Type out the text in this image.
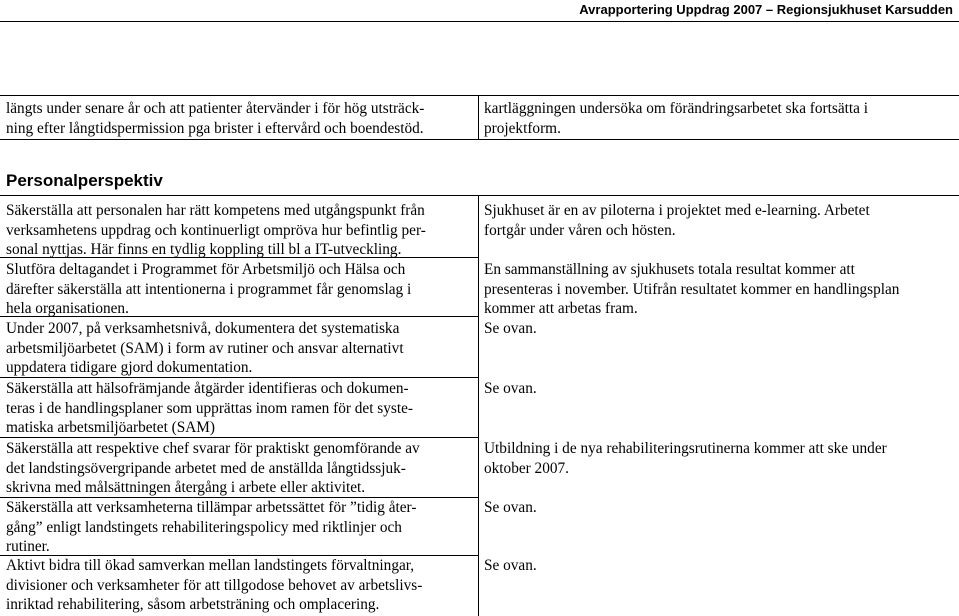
Avrapportering Uppdrag 2007 – Regionsjukhuset Karsudden
längts under senare år och att patienter återvänder i för hög utsträck-
ning efter långtidspermission pga brister i eftervård och boendestöd.
kartläggningen undersöka om förändringsarbetet ska fortsätta i
projektform.
Personalperspektiv
Säkerställa att personalen har rätt kompetens med utgångspunkt från
verksamhetens uppdrag och kontinuerligt ompröva hur befintlig per-
sonal nyttjas. Här finns en tydlig koppling till bl a IT-utveckling.
Sjukhuset är en av piloterna i projektet med e-learning. Arbetet
fortgår under våren och hösten.
Slutföra deltagandet i Programmet för Arbetsmiljö och Hälsa och
därefter säkerställa att intentionerna i programmet får genomslag i
hela organisationen.
En sammanställning av sjukhusets totala resultat kommer att
presenteras i november. Utifrån resultatet kommer en handlingsplan
kommer att arbetas fram.
Under 2007, på verksamhetsnivå, dokumentera det systematiska
arbetsmiljöarbetet (SAM) i form av rutiner och ansvar alternativt
uppdatera tidigare gjord dokumentation.
Se ovan.
Säkerställa att hälsofrämjande åtgärder identifieras och dokumen-
teras i de handlingsplaner som upprättas inom ramen för det syste-
matiska arbetsmiljöarbetet (SAM)
Se ovan.
Säkerställa att respektive chef svarar för praktiskt genomförande av
det landstingsövergripande arbetet med de anställda långtidssjuk-
skrivna med målsättningen återgång i arbete eller aktivitet.
Utbildning i de nya rehabiliteringsrutinerna kommer att ske under
oktober 2007.
Säkerställa att verksamheterna tillämpar arbetssättet för ”tidig åter-
gång” enligt landstingets rehabiliteringspolicy med riktlinjer och
rutiner.
Se ovan.
Aktivt bidra till ökad samverkan mellan landstingets förvaltningar,
divisioner och verksamheter för att tillgodose behovet av arbetslivs-
inriktad rehabilitering, såsom arbetsträning och omplacering.
Se ovan.
